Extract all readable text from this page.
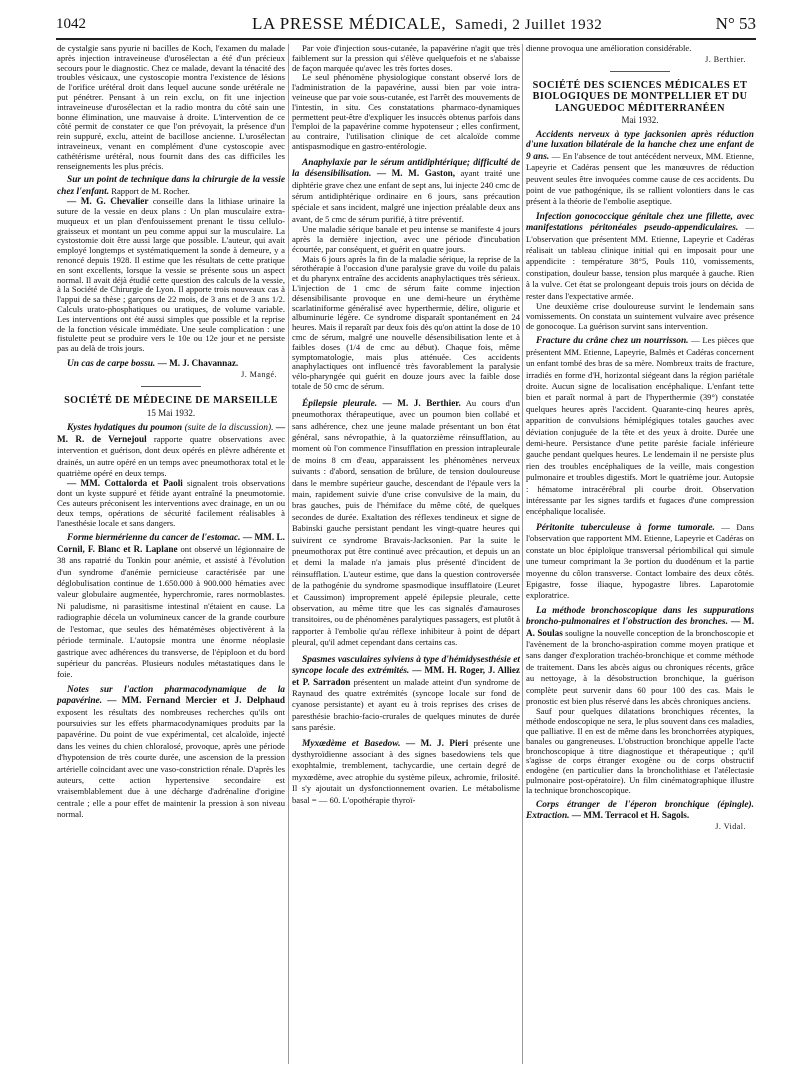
1042	LA PRESSE MÉDICALE, Samedi, 2 Juillet 1932	N° 53

de cystalgie sans pyurie ni bacilles de Koch, l'examen du malade après injection intraveineuse d'urosélectan a été d'un précieux secours pour le diagnostic. Chez ce malade, devant la ténacité des troubles vésicaux, une cystoscopie montra l'existence de lésions de l'orifice urétéral droit dans lequel aucune sonde urétérale ne put pénétrer. Pensant à un rein exclu, on fit une injection intraveineuse d'urosélectan et la radio montra du côté sain une bonne élimination, une mauvaise à droite. L'intervention de ce côté permit de constater ce que l'on prévoyait, la présence d'un rein suppuré, exclu, atteint de bacillose ancienne. L'urosélectan intraveineux, venant en complément d'une cystoscopie avec cathétérisme urétéral, nous fournit dans des cas difficiles les renseignements les plus précis.

Sur un point de technique dans la chirurgie de la vessie chez l'enfant. Rapport de M. Rocher.

— M. G. Chevalier conseille dans la lithiase urinaire la suture de la vessie en deux plans : Un plan musculaire extra-muqueux et un plan d'enfouissement prenant le tissu cellulo-graisseux et montant un peu comme appui sur la musculaire. La cystostomie doit être aussi large que possible. L'auteur, qui avait employé longtemps et systématiquement la sonde à demeure, y a renoncé depuis 1928. Il estime que les résultats de cette pratique en sont excellents, lorsque la vessie se présente sous un aspect normal. Il avait déjà étudié cette question des calculs de la vessie, à la Société de Chirurgie de Lyon. Il apporte trois nouveaux cas à l'appui de sa thèse ; garçons de 22 mois, de 3 ans et de 3 ans 1/2. Calculs urato-phosphatiques ou uratiques, de volume variable. Les interventions ont été aussi simples que possible et la reprise de la fonction vésicale immédiate. Une seule complication : une fistulette peut se produire vers le 10e ou 12e jour et ne persiste pas au delà de trois jours.

Un cas de carpe bossu. — M. J. Chavannaz.

J. Mangé.
SOCIÉTÉ DE MÉDECINE DE MARSEILLE
15 Mai 1932.

Kystes hydatiques du poumon (suite de la discussion). — M. R. de Vernejoul rapporte quatre observations avec intervention et guérison, dont deux opérés en plèvre adhérente et drainés, un autre opéré en un temps avec pneumothorax total et le quatrième opéré en deux temps.

— MM. Cottalorda et Paoli signalent trois observations dont un kyste suppuré et fétide ayant entraîné la pneumotomie. Ces auteurs préconisent les interventions avec drainage, en un ou deux temps, opérations de sécurité facilement réalisables à l'anesthésie locale et sans dangers.

Forme biermérienne du cancer de l'estomac. — MM. L. Cornil, F. Blanc et R. Laplane ont observé un légionnaire de 38 ans rapatrié du Tonkin pour anémie, et assisté à l'évolution d'un syndrome d'anémie pernicieuse caractérisée par une déglobulisation continue de 1.650.000 à 900.000 hématies avec valeur globulaire augmentée, hyperchromie, rares normoblastes. Ni paludisme, ni parasitisme intestinal n'étaient en cause. La radiographie décela un volumineux cancer de la grande courbure de l'estomac, que seules des hématémèses objectivèrent à la période terminale. L'autopsie montra une énorme néoplasie gastrique avec adhérences du transverse, de l'épiploon et du bord supérieur du pancréas. Plusieurs nodules métastatiques dans le foie.

Notes sur l'action pharmacodynamique de la papavérine. — MM. Fernand Mercier et J. Delphaud exposent les résultats des nombreuses recherches qu'ils ont poursuivies sur les effets pharmacodynamiques produits par la papavérine. Du point de vue expérimental, cet alcaloïde, injecté dans les veines du chien chloralosé, provoque, après une période d'hypotension de très courte durée, une ascension de la pression artérielle coïncidant avec une vaso-constriction rénale. D'après les auteurs, cette action hypertensive secondaire est vraisemblablement due à une décharge d'adrénaline d'origine centrale ; elle a pour effet de maintenir la pression à son niveau normal.

Par voie d'injection sous-cutanée, la papavérine n'agit que très faiblement sur la pression qui s'élève quelquefois et ne s'abaisse de façon marquée qu'avec les très fortes doses.

Le seul phénomène physiologique constant observé lors de l'administration de la papavérine, aussi bien par voie intra-veineuse que par voie sous-cutanée, est l'arrêt des mouvements de l'intestin, in situ. Ces constatations pharmaco-dynamiques permettent peut-être d'expliquer les insuccès obtenus parfois dans l'emploi de la papavérine comme hypotenseur ; elles confirment, au contraire, l'utilisation clinique de cet alcaloïde comme antispasmodique en gastro-entérologie.

Anaphylaxie par le sérum antidiphtérique; difficulté de la désensibilisation. — M. M. Gaston, ayant traité une diphtérie grave chez une enfant de sept ans, lui injecte 240 cmc de sérum antidiphtérique ordinaire en 6 jours, sans précaution spéciale et sans incident, malgré une injection préalable deux ans avant, de 5 cmc de sérum purifié, à titre préventif.

Une maladie sérique banale et peu intense se manifeste 4 jours après la dernière injection, avec une période d'incubation écourtée, par conséquent, et guérit en quatre jours.

Mais 6 jours après la fin de la maladie sérique, la reprise de la sérothérapie à l'occasion d'une paralysie grave du voile du palais et du pharynx entraîne des accidents anaphylactiques très sérieux. L'injection de 1 cmc de sérum faite comme injection désensibilisante provoque en une demi-heure un érythème scarlatiniforme généralisé avec hyperthermie, délire, oligurie et albuminurie légère. Ce syndrome disparaît spontanément en 24 heures. Mais il reparaît par deux fois dès qu'on attint la dose de 10 cmc de sérum, malgré une nouvelle désensibilisation lente et à faibles doses (1/4 de cmc au début). Chaque fois, même symptomatologie, mais plus atténuée. Ces accidents anaphylactiques ont influencé très favorablement la paralysie vélo-pharyngée qui guérit en douze jours avec la faible dose totale de 50 cmc de sérum.

Épilepsie pleurale. — M. J. Berthier. Au cours d'un pneumothorax thérapeutique, avec un poumon bien collabé et sans adhérence, chez une jeune malade présentant un bon état général, sans névropathie, à la quatorzième réinsufflation, au moment où l'on commence l'insufflation en pression intrapleurale de moins 8 cm d'eau, apparaissent les phénomènes nerveux suivants : d'abord, sensation de brûlure, de tension douloureuse dans le membre supérieur gauche, descendant de l'épaule vers la main, rapidement suivie d'une crise convulsive de la main, du bras gauches, puis de l'hémiface du même côté, de quelques secondes de durée. Exaltation des réflexes tendineux et signe de Babinski gauche persistant pendant les vingt-quatre heures qui suivirent ce syndrome Bravais-Jacksonien. Par la suite le pneumothorax put être continué avec précaution, et depuis un an et demi la malade n'a jamais plus présenté d'incident de réinsufflation. L'auteur estime, que dans la question controversée de la pathogénie du syndrome spasmodique insufflatoire (Leuret et Caussimon) improprement appelé épilepsie pleurale, cette observation, au même titre que les cas signalés d'amauroses transitoires, ou de phénomènes paralytiques passagers, est plutôt à rapporter à l'embolie qu'au réflexe inhibiteur à point de départ pleural, qu'il admet cependant dans certains cas.

Spasmes vasculaires sylviens à type d'hémidysesthésie et syncope locale des extrémités. — MM. H. Roger, J. Alliez et P. Sarradon présentent un malade atteint d'un syndrome de Raynaud des quatre extrémités (syncope locale sur fond de cyanose persistante) et ayant eu à trois reprises des crises de paresthésie brachio-facio-crurales de quelques minutes de durée sans parésie.

Myxœdème et Basedow. — M. J. Pieri présente une dysthyroïdienne associant à des signes basedowiens tels que exophtalmie, tremblement, tachycardie, une certain degré de myxœdème, avec atrophie du système pileux, achromie, frilosité. Il s'y ajoutait un dysfonctionnement ovarien. Le métabolisme basal = — 60. L'opothérapie thyroï-

dienne provoqua une amélioration considérable.

J. Berthier.
SOCIÉTÉ DES SCIENCES MÉDICALES ET BIOLOGIQUES DE MONTPELLIER ET DU LANGUEDOC MÉDITERRANÉEN
Mai 1932.

Accidents nerveux à type jacksonien après réduction d'une luxation bilatérale de la hanche chez une enfant de 9 ans. — En l'absence de tout antécédent nerveux, MM. Etienne, Lapeyrie et Cadéras pensent que les manœuvres de réduction peuvent seules être invoquées comme cause de ces accidents. Du point de vue pathogénique, ils se rallient volontiers dans le cas présent à la théorie de l'embolie aseptique.

Infection gonococcique génitale chez une fillette, avec manifestations péritonéales pseudo-appendiculaires. — L'observation que présentent MM. Etienne, Lapeyrie et Cadéras réalisait un tableau clinique initial qui en imposait pour une appendicite : température 38°5, Pouls 110, vomissements, constipation, douleur basse, tension plus marquée à gauche. Rien à la vulve. Cet état se prolongeant depuis trois jours on décida de rester dans l'expectative armée.

Une deuxième crise douloureuse survint le lendemain sans vomissements. On constata un suintement vulvaire avec présence de gonocoque. La guérison survint sans intervention.

Fracture du crâne chez un nourrisson. — Les pièces que présentent MM. Etienne, Lapeyrie, Balmès et Cadéras concernent un enfant tombé des bras de sa mère. Nombreux traits de fracture, irradiés en forme d'H, horizontal siégeant dans la région pariétale droite. Aucun signe de localisation encéphalique. L'enfant tette bien et paraît normal à part de l'hyperthermie (39°) constatée quelques heures après l'accident. Quarante-cinq heures après, apparition de convulsions hémiplégiques totales gauches avec déviation conjuguée de la tête et des yeux à droite. Durée une demi-heure. Persistance d'une petite parésie faciale inférieure gauche pendant quelques heures. Le lendemain il ne persiste plus rien des troubles encéphaliques de la veille, mais congestion pulmonaire et troubles digestifs. Mort le quatrième jour. Autopsie : hématome intracérébral pli courbe droit. Observation intéressante par les signes tardifs et fugaces d'une compression encéphalique localisée.

Péritonite tuberculeuse à forme tumorale. — Dans l'observation que rapportent MM. Etienne, Lapeyrie et Cadéras on constate un bloc épiploïque transversal périombilical qui simule une tumeur comprimant la 3e portion du duodénum et la partie moyenne du côlon transverse. Contact lombaire des deux côtés. Epigastre, fosse iliaque, hypogastre libres. Laparotomie exploratrice.

La méthode bronchoscopique dans les suppurations broncho-pulmonaires et l'obstruction des bronches. — M. A. Soulas souligne la nouvelle conception de la bronchoscopie et l'avènement de la broncho-aspiration comme moyen pratique et sans danger d'exploration trachéo-bronchique et comme méthode de traitement. Dans les abcès aigus ou chroniques récents, grâce au nettoyage, à la désobstruction bronchique, la guérison complète peut survenir dans 60 pour 100 des cas. Mais le pronostic est bien plus réservé dans les abcès chroniques anciens.

Sauf pour quelques dilatations bronchiques récentes, la méthode endoscopique ne sera, le plus souvent dans ces maladies, que palliative. Il en est de même dans les bronchorrées atypiques, banales ou gangreneuses. L'obstruction bronchique appelle l'acte bronchoscopique à titre diagnostique et thérapeutique ; qu'il s'agisse de corps étranger exogène ou de corps obstructif endogène (en particulier dans la broncholithiase et l'atélectasie pulmonaire post-opératoire). Un film cinématographique illustre la technique bronchoscopique.

Corps étranger de l'éperon bronchique (épingle). Extraction. — MM. Terracol et H. Sagols.

J. Vidal.
